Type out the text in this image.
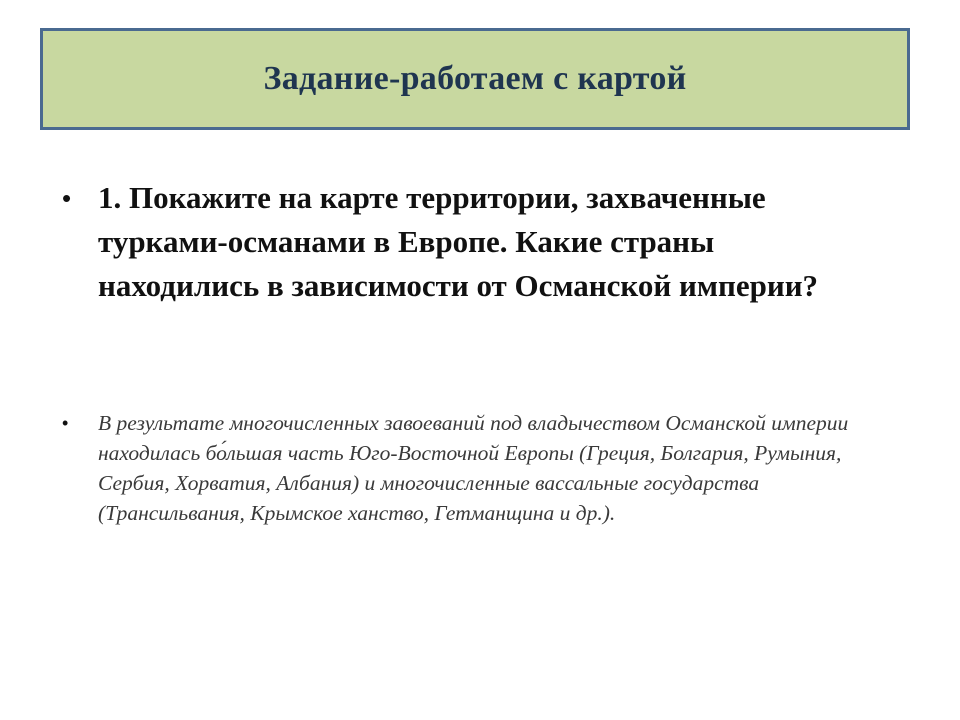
Задание-работаем с картой
• 1. Покажите на карте территории, захваченные турками-османами в Европе. Какие страны находились в зависимости от Османской империи?
•	В результате многочисленных завоеваний под владычеством Османской империи находилась бо́льшая часть Юго-Восточной Европы (Греция, Болгария, Румыния, Сербия, Хорватия, Албания) и многочисленные вассальные государства (Трансильвания, Крымское ханство, Гетманщина и др.).
